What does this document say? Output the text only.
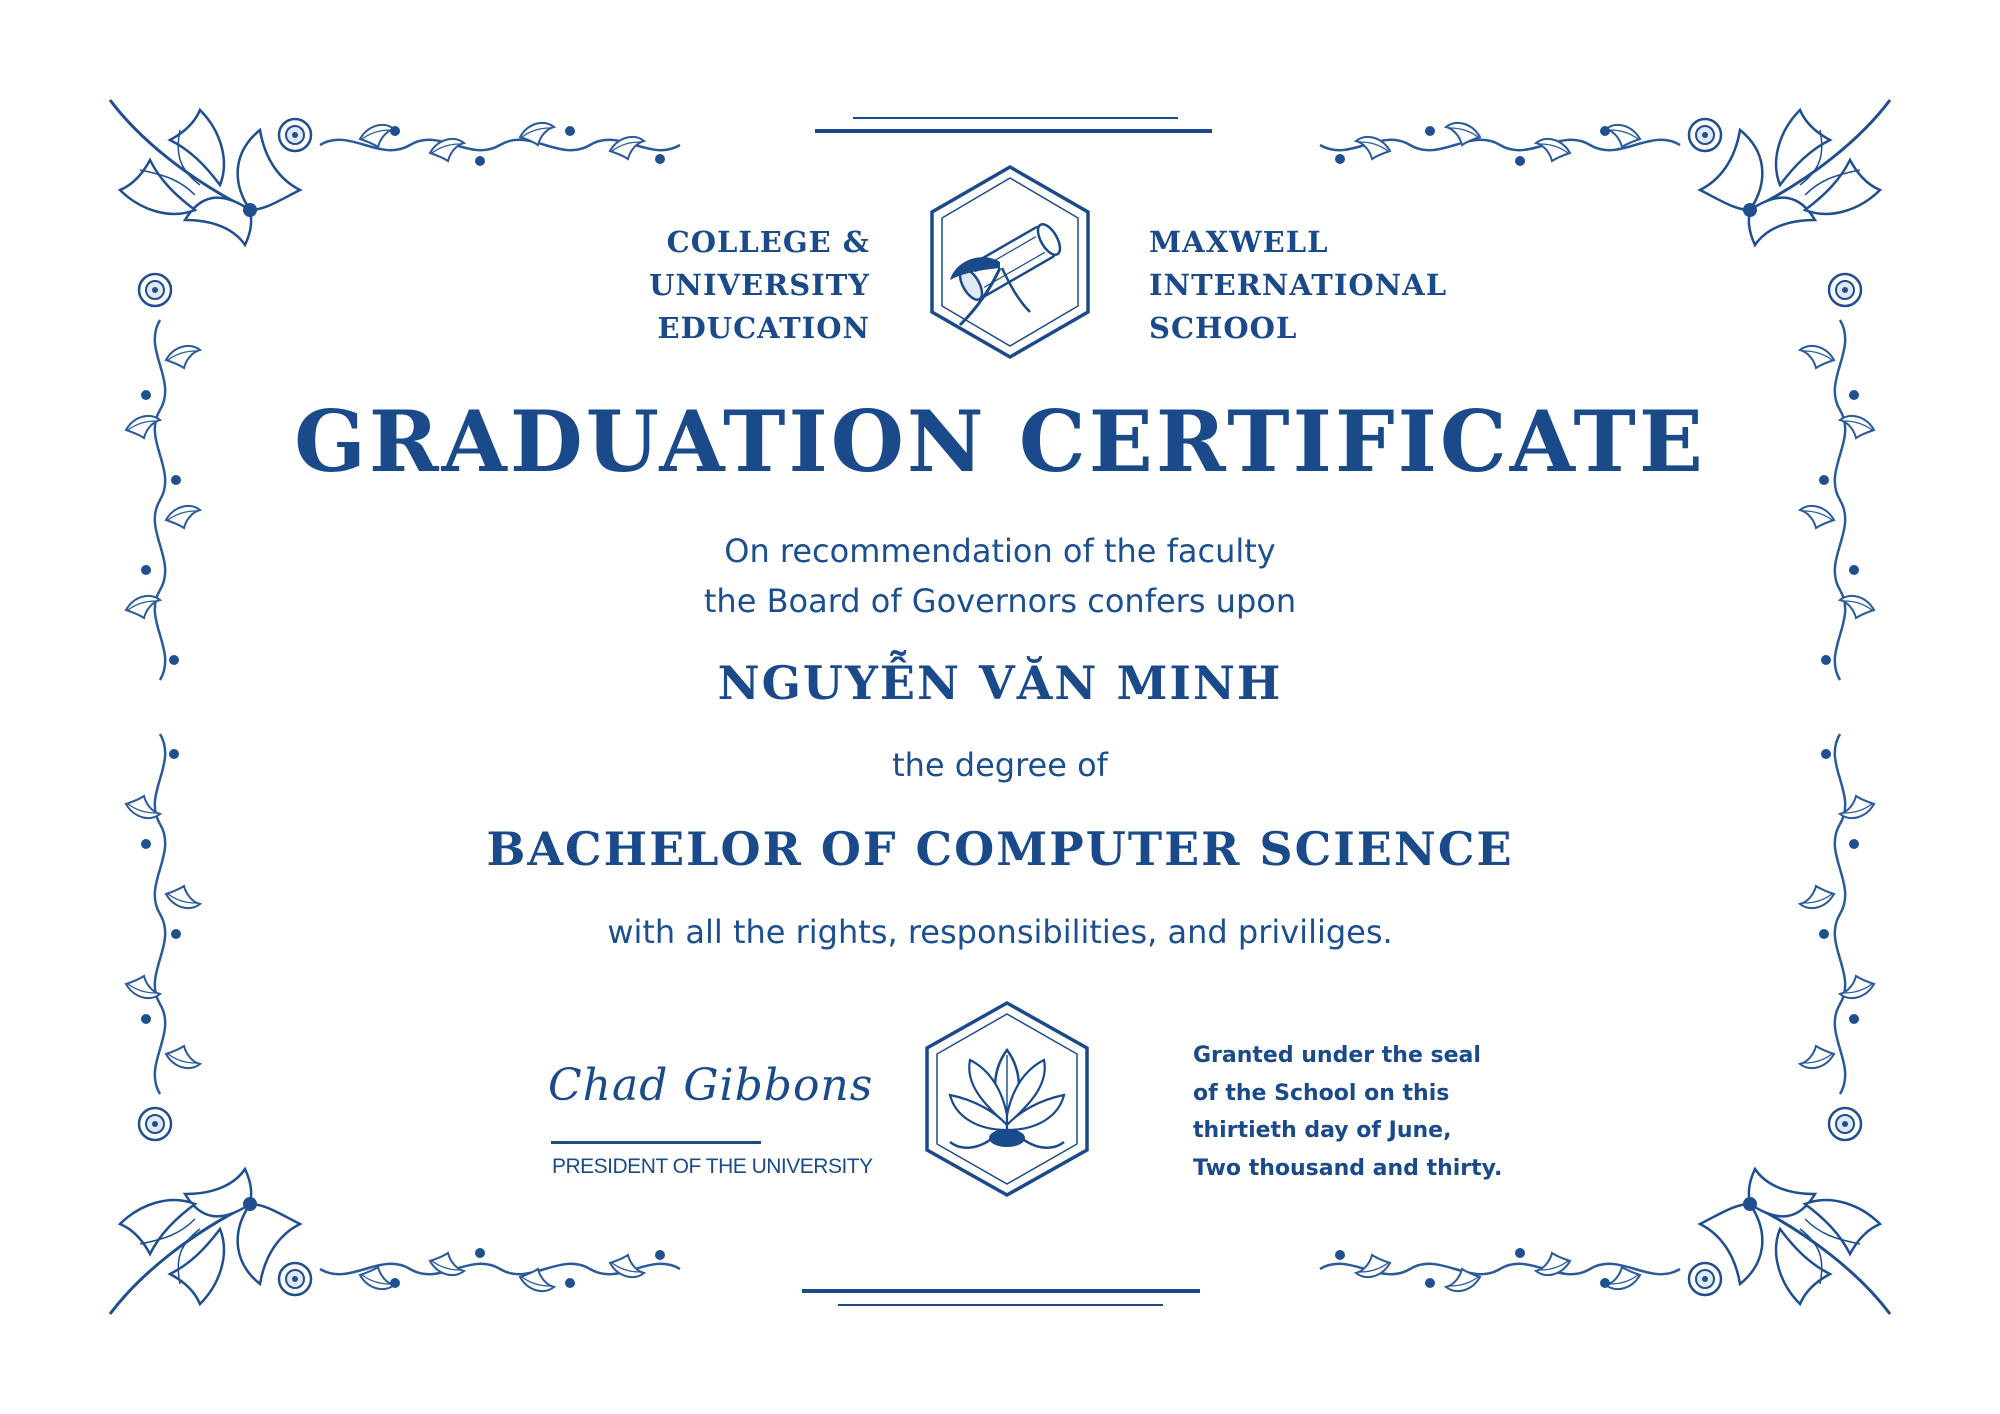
COLLEGE &
UNIVERSITY
EDUCATION
MAXWELL
INTERNATIONAL
SCHOOL
GRADUATION CERTIFICATE
On recommendation of the faculty
the Board of Governors confers upon
NGUYỄN VĂN MINH
the degree of
BACHELOR OF COMPUTER SCIENCE
with all the rights, responsibilities, and priviliges.
Chad Gibbons
PRESIDENT OF THE UNIVERSITY
Granted under the seal
of the School on this
thirtieth day of June,
Two thousand and thirty.
